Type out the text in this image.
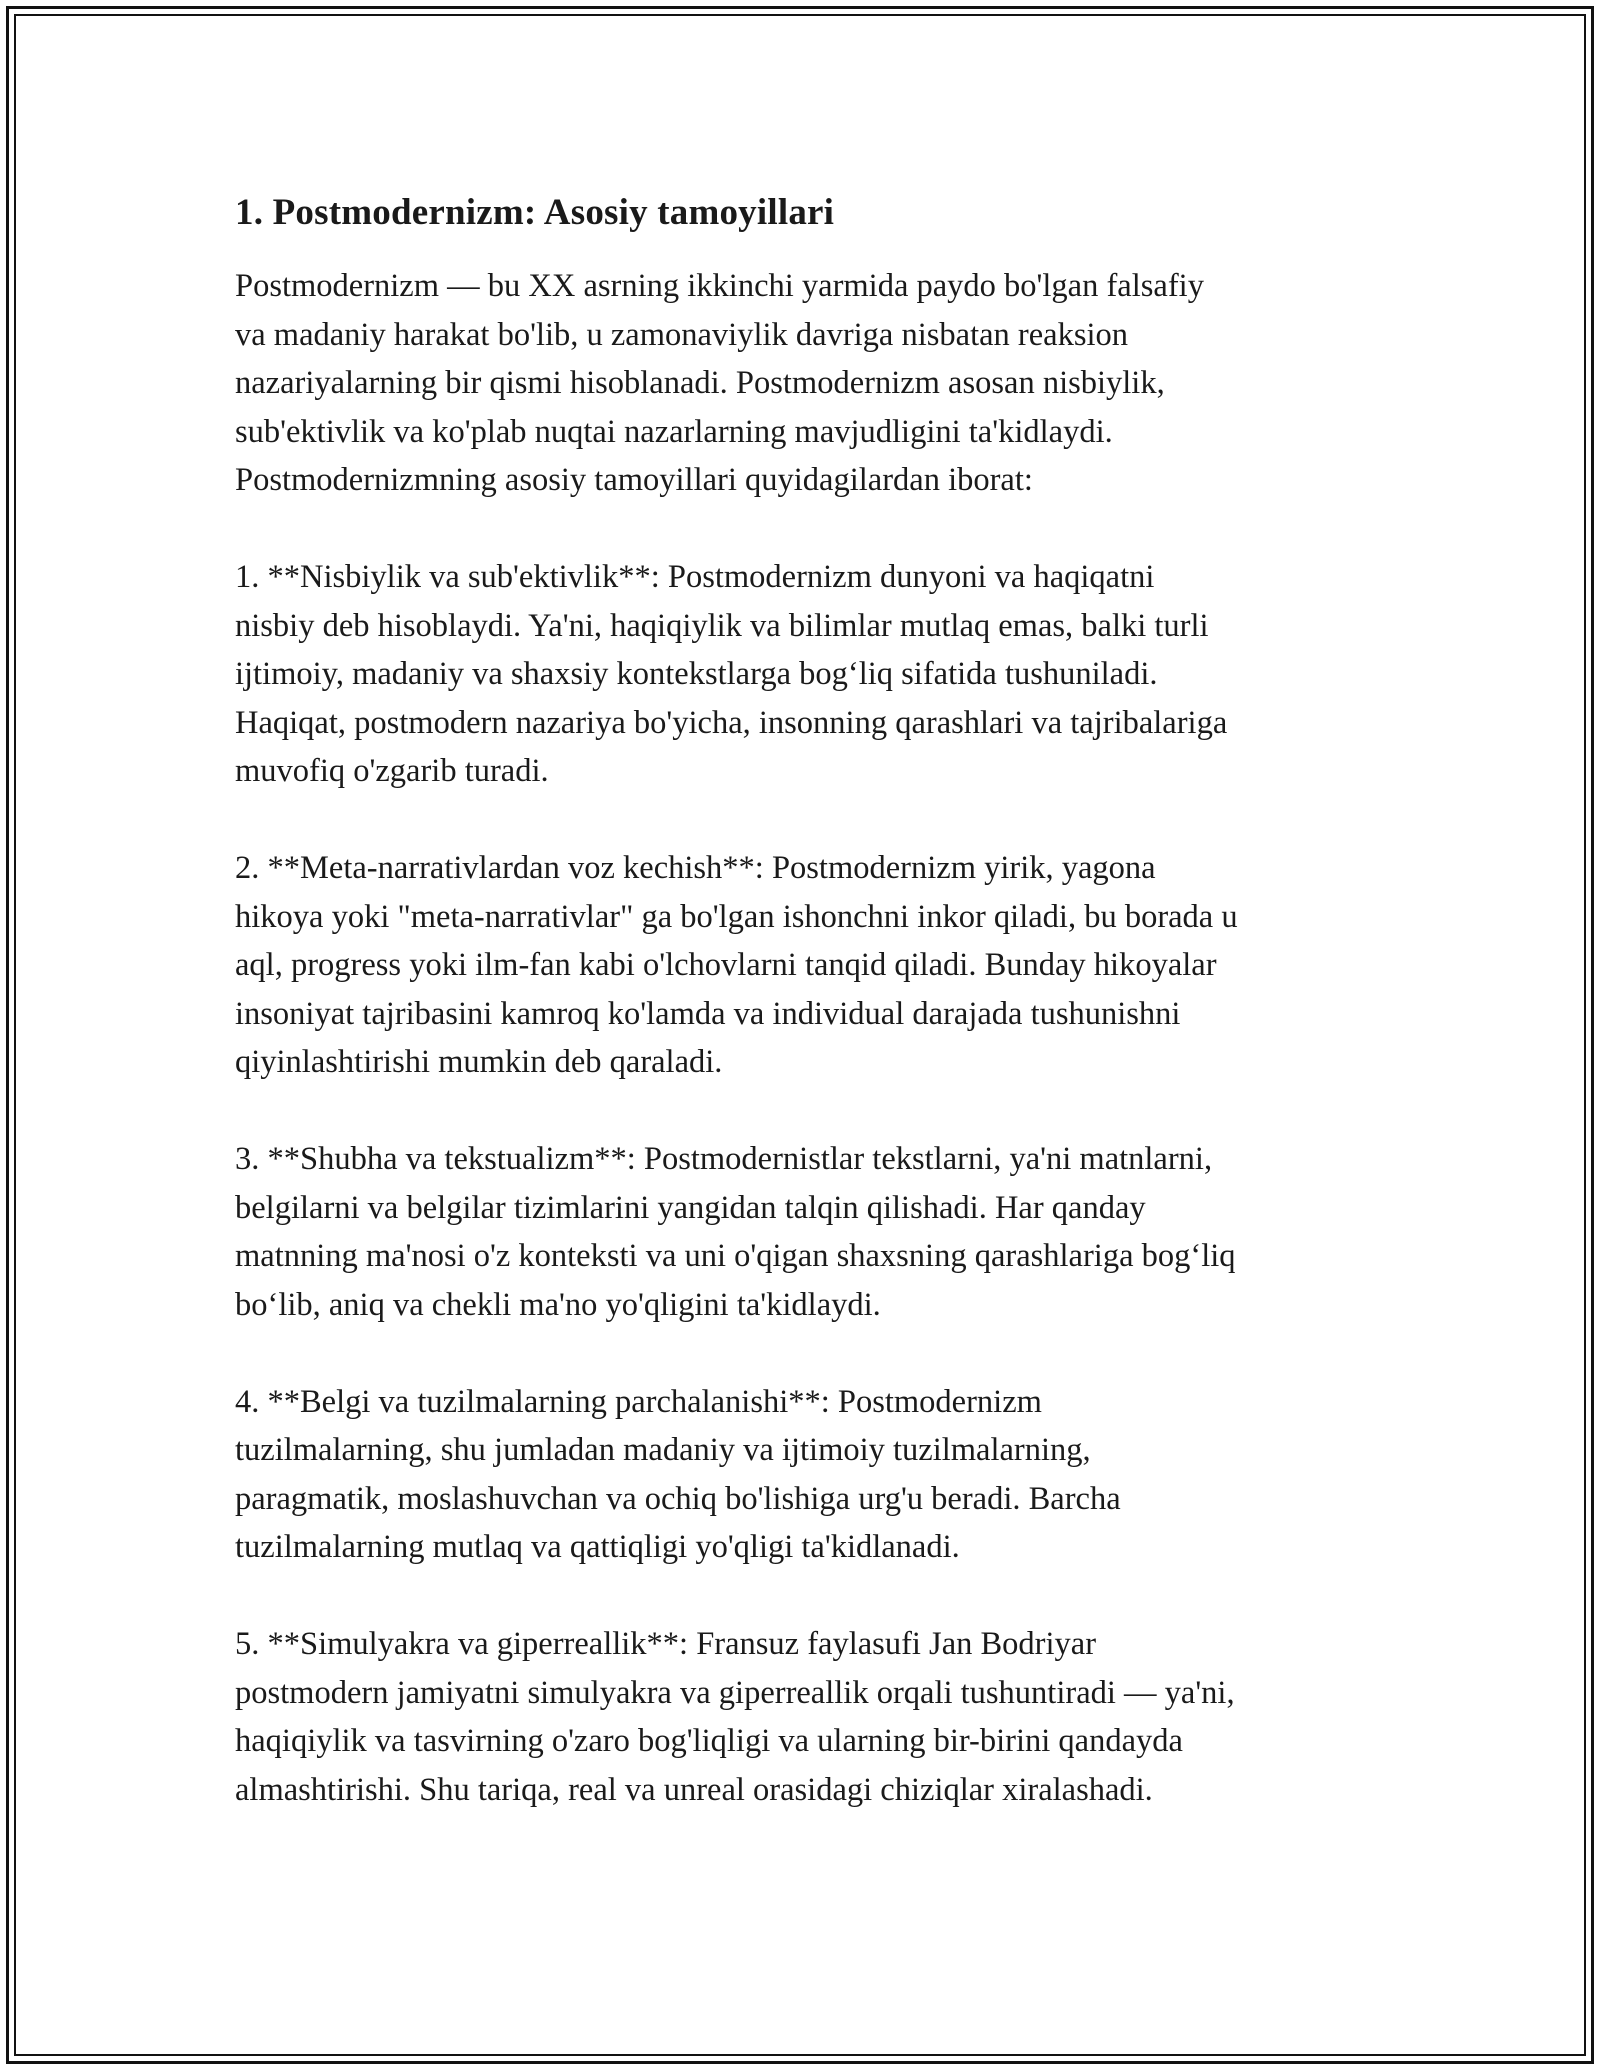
1. Postmodernizm: Asosiy tamoyillari
Postmodernizm — bu XX asrning ikkinchi yarmida paydo bo'lgan falsafiy
va madaniy harakat bo'lib, u zamonaviylik davriga nisbatan reaksion
nazariyalarning bir qismi hisoblanadi. Postmodernizm asosan nisbiylik,
sub'ektivlik va ko'plab nuqtai nazarlarning mavjudligini ta'kidlaydi.
Postmodernizmning asosiy tamoyillari quyidagilardan iborat:
1. **Nisbiylik va sub'ektivlik**: Postmodernizm dunyoni va haqiqatni
nisbiy deb hisoblaydi. Ya'ni, haqiqiylik va bilimlar mutlaq emas, balki turli
ijtimoiy, madaniy va shaxsiy kontekstlarga bog‘liq sifatida tushuniladi.
Haqiqat, postmodern nazariya bo'yicha, insonning qarashlari va tajribalariga
muvofiq o'zgarib turadi.
2. **Meta-narrativlardan voz kechish**: Postmodernizm yirik, yagona
hikoya yoki "meta-narrativlar" ga bo'lgan ishonchni inkor qiladi, bu borada u
aql, progress yoki ilm-fan kabi o'lchovlarni tanqid qiladi. Bunday hikoyalar
insoniyat tajribasini kamroq ko'lamda va individual darajada tushunishni
qiyinlashtirishi mumkin deb qaraladi.
3. **Shubha va tekstualizm**: Postmodernistlar tekstlarni, ya'ni matnlarni,
belgilarni va belgilar tizimlarini yangidan talqin qilishadi. Har qanday
matnning ma'nosi o'z konteksti va uni o'qigan shaxsning qarashlariga bog‘liq
bo‘lib, aniq va chekli ma'no yo'qligini ta'kidlaydi.
4. **Belgi va tuzilmalarning parchalanishi**: Postmodernizm
tuzilmalarning, shu jumladan madaniy va ijtimoiy tuzilmalarning,
paragmatik, moslashuvchan va ochiq bo'lishiga urg'u beradi. Barcha
tuzilmalarning mutlaq va qattiqligi yo'qligi ta'kidlanadi.
5. **Simulyakra va giperreallik**: Fransuz faylasufi Jan Bodriyar
postmodern jamiyatni simulyakra va giperreallik orqali tushuntiradi — ya'ni,
haqiqiylik va tasvirning o'zaro bog'liqligi va ularning bir-birini qandayda
almashtirishi. Shu tariqa, real va unreal orasidagi chiziqlar xiralashadi.
